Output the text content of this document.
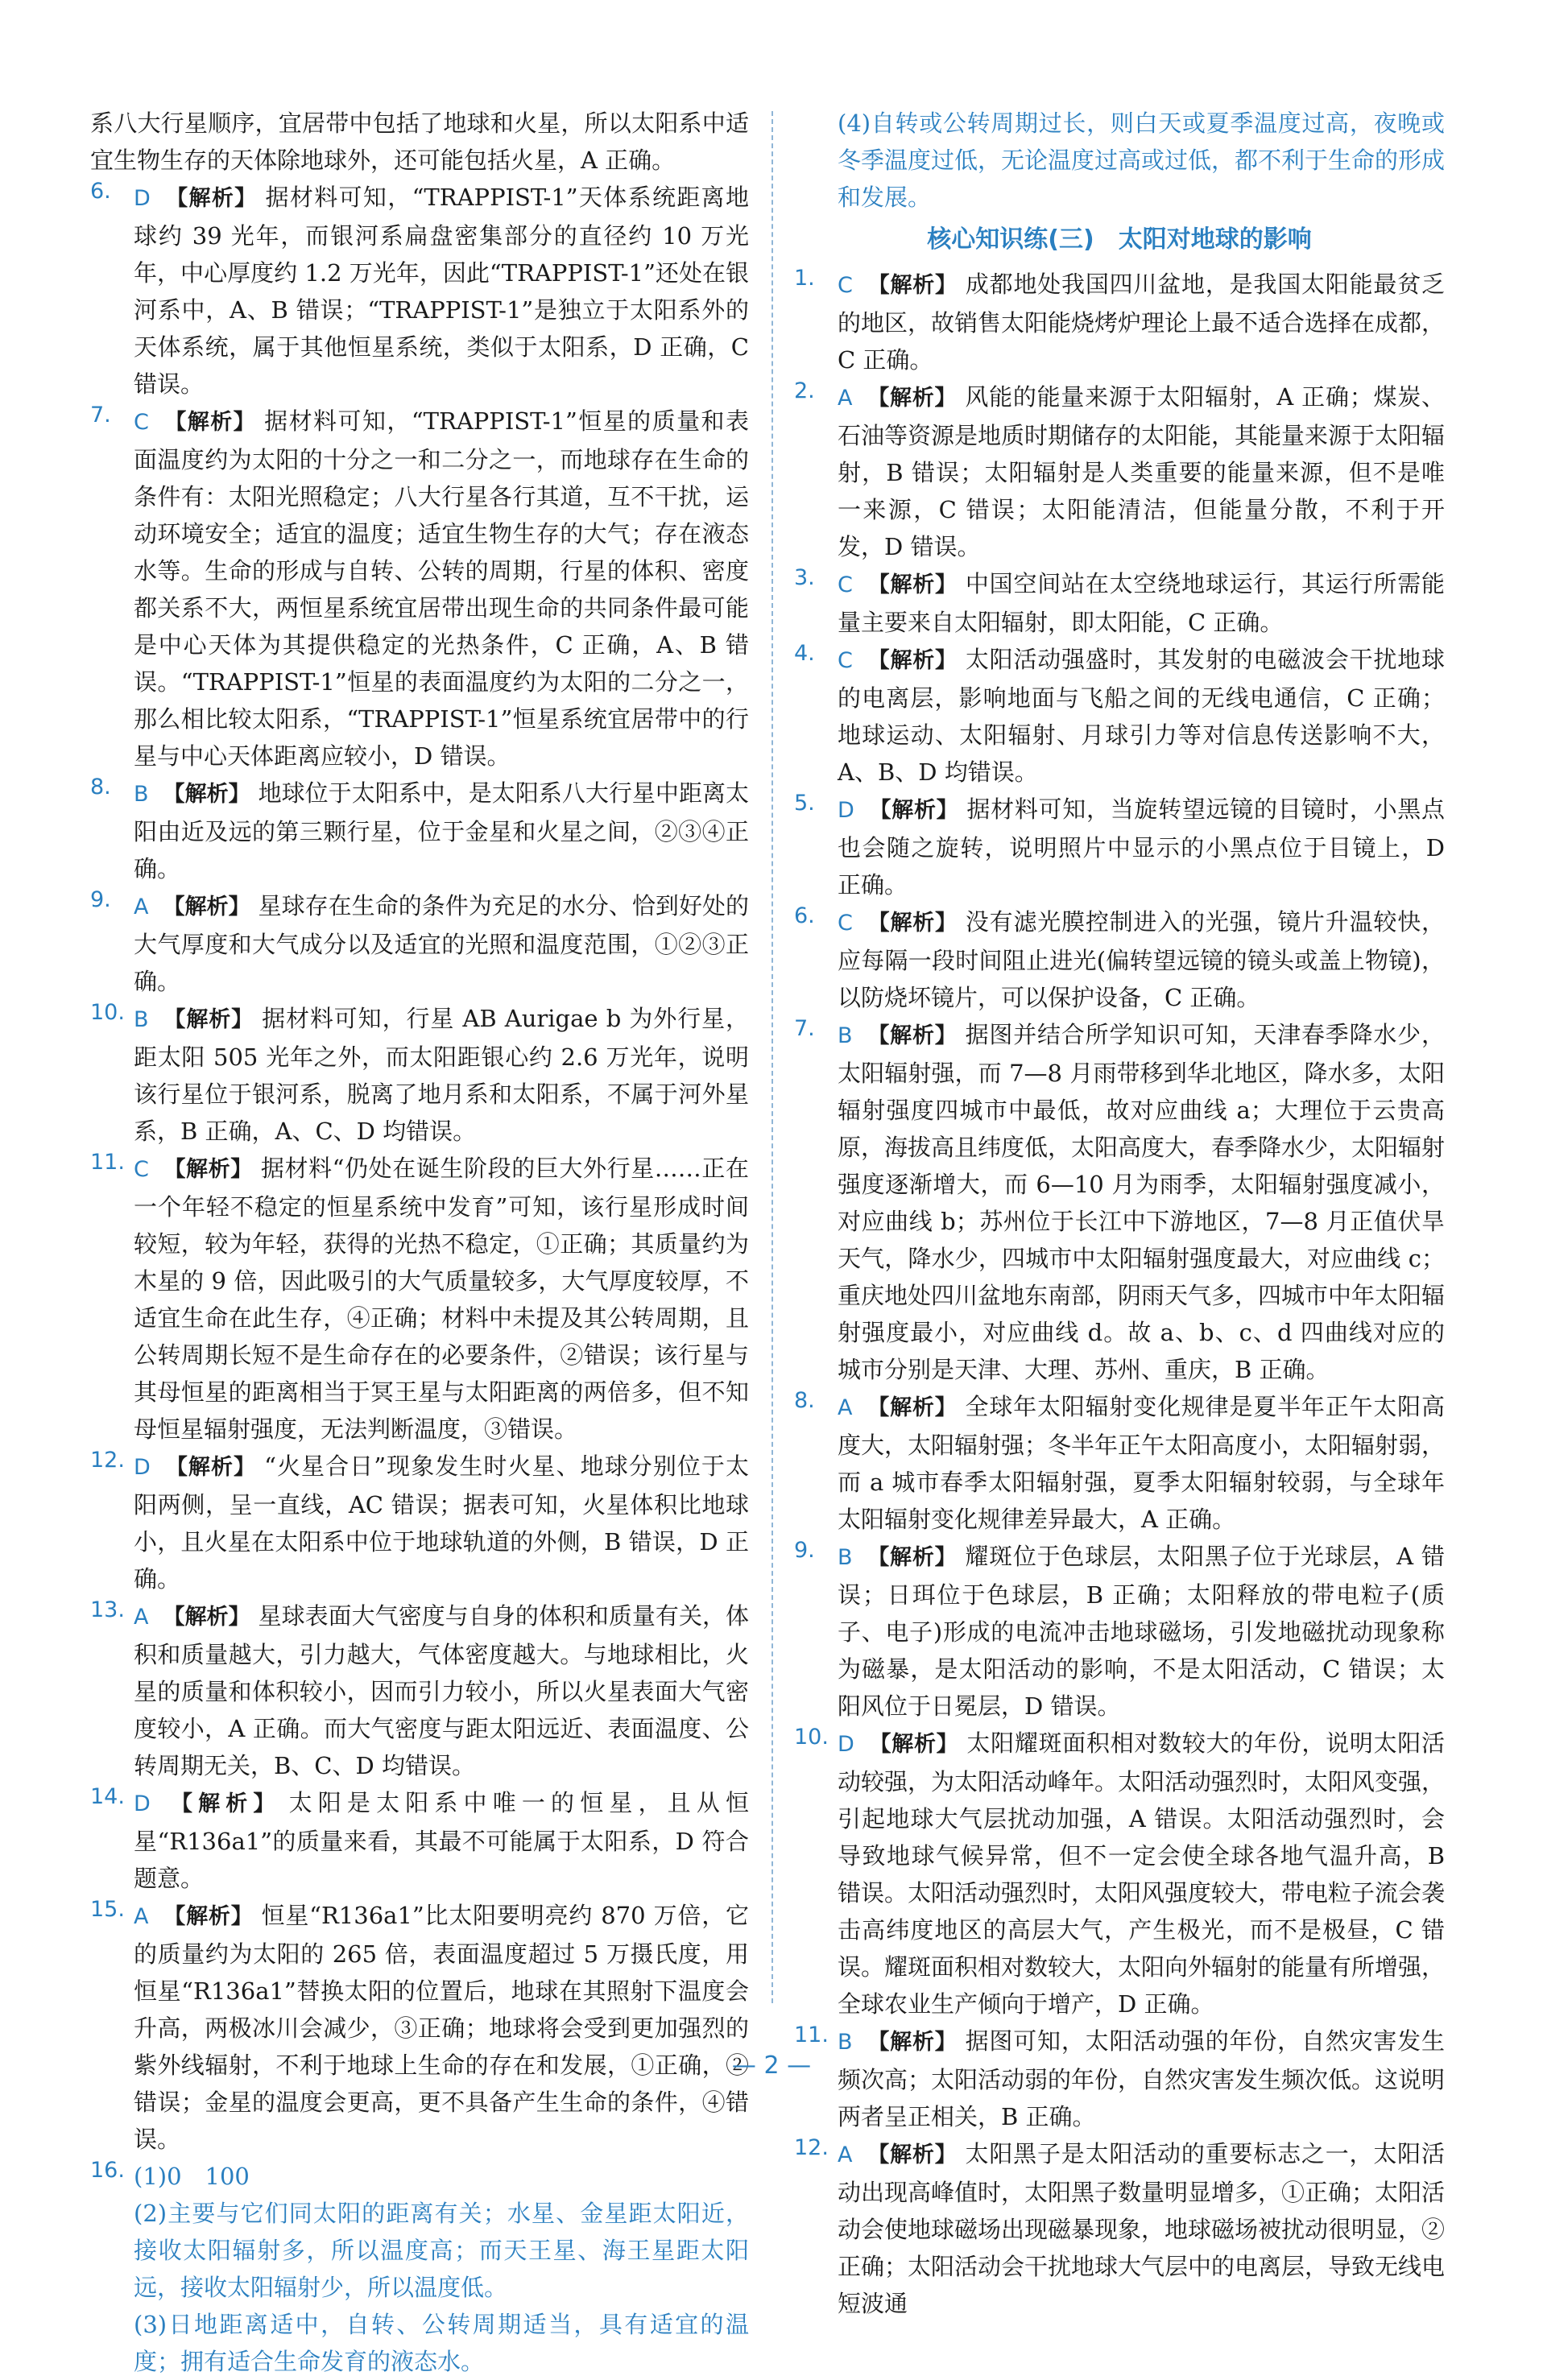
系八大行星顺序，宜居带中包括了地球和火星，所以太阳系中适宜生物生存的天体除地球外，还可能包括火星，A 正确。

6. D 【解析】 据材料可知，“TRAPPIST-1”天体系统距离地球约 39 光年，而银河系扁盘密集部分的直径约 10 万光年，中心厚度约 1.2 万光年，因此“TRAPPIST-1”还处在银河系中，A、B 错误；“TRAPPIST-1”是独立于太阳系外的天体系统，属于其他恒星系统，类似于太阳系，D 正确，C 错误。

7. C 【解析】 据材料可知，“TRAPPIST-1”恒星的质量和表面温度约为太阳的十分之一和二分之一，而地球存在生命的条件有：太阳光照稳定；八大行星各行其道，互不干扰，运动环境安全；适宜的温度；适宜生物生存的大气；存在液态水等。生命的形成与自转、公转的周期，行星的体积、密度都关系不大，两恒星系统宜居带出现生命的共同条件最可能是中心天体为其提供稳定的光热条件，C 正确，A、B 错误。“TRAPPIST-1”恒星的表面温度约为太阳的二分之一，那么相比较太阳系，“TRAPPIST-1”恒星系统宜居带中的行星与中心天体距离应较小，D 错误。

8. B 【解析】 地球位于太阳系中，是太阳系八大行星中距离太阳由近及远的第三颗行星，位于金星和火星之间，②③④正确。

9. A 【解析】 星球存在生命的条件为充足的水分、恰到好处的大气厚度和大气成分以及适宜的光照和温度范围，①②③正确。

10. B 【解析】 据材料可知，行星 AB Aurigae b 为外行星，距太阳 505 光年之外，而太阳距银心约 2.6 万光年，说明该行星位于银河系，脱离了地月系和太阳系，不属于河外星系，B 正确，A、C、D 均错误。

11. C 【解析】 据材料“仍处在诞生阶段的巨大外行星……正在一个年轻不稳定的恒星系统中发育”可知，该行星形成时间较短，较为年轻，获得的光热不稳定，①正确；其质量约为木星的 9 倍，因此吸引的大气质量较多，大气厚度较厚，不适宜生命在此生存，④正确；材料中未提及其公转周期，且公转周期长短不是生命存在的必要条件，②错误；该行星与其母恒星的距离相当于冥王星与太阳距离的两倍多，但不知母恒星辐射强度，无法判断温度，③错误。

12. D 【解析】 “火星合日”现象发生时火星、地球分别位于太阳两侧，呈一直线，AC 错误；据表可知，火星体积比地球小，且火星在太阳系中位于地球轨道的外侧，B 错误，D 正确。

13. A 【解析】 星球表面大气密度与自身的体积和质量有关，体积和质量越大，引力越大，气体密度越大。与地球相比，火星的质量和体积较小，因而引力较小，所以火星表面大气密度较小，A 正确。而大气密度与距太阳远近、表面温度、公转周期无关，B、C、D 均错误。

14. D 【解析】 太阳是太阳系中唯一的恒星，且从恒星“R136a1”的质量来看，其最不可能属于太阳系，D 符合题意。

15. A 【解析】 恒星“R136a1”比太阳要明亮约 870 万倍，它的质量约为太阳的 265 倍，表面温度超过 5 万摄氏度，用恒星“R136a1”替换太阳的位置后，地球在其照射下温度会升高，两极冰川会减少，③正确；地球将会受到更加强烈的紫外线辐射，不利于地球上生命的存在和发展，①正确，②错误；金星的温度会更高，更不具备产生生命的条件，④错误。

16. (1)0　100

(2)主要与它们同太阳的距离有关；水星、金星距太阳近，接收太阳辐射多，所以温度高；而天王星、海王星距太阳远，接收太阳辐射少，所以温度低。

(3)日地距离适中，自转、公转周期适当，具有适宜的温度；拥有适合生命发育的液态水。

(4)自转或公转周期过长，则白天或夏季温度过高，夜晚或冬季温度过低，无论温度过高或过低，都不利于生命的形成和发展。

核心知识练(三)　太阳对地球的影响
1. C 【解析】 成都地处我国四川盆地，是我国太阳能最贫乏的地区，故销售太阳能烧烤炉理论上最不适合选择在成都，C 正确。

2. A 【解析】 风能的能量来源于太阳辐射，A 正确；煤炭、石油等资源是地质时期储存的太阳能，其能量来源于太阳辐射，B 错误；太阳辐射是人类重要的能量来源，但不是唯一来源，C 错误；太阳能清洁，但能量分散，不利于开发，D 错误。

3. C 【解析】 中国空间站在太空绕地球运行，其运行所需能量主要来自太阳辐射，即太阳能，C 正确。

4. C 【解析】 太阳活动强盛时，其发射的电磁波会干扰地球的电离层，影响地面与飞船之间的无线电通信，C 正确；地球运动、太阳辐射、月球引力等对信息传送影响不大，A、B、D 均错误。

5. D 【解析】 据材料可知，当旋转望远镜的目镜时，小黑点也会随之旋转，说明照片中显示的小黑点位于目镜上，D 正确。

6. C 【解析】 没有滤光膜控制进入的光强，镜片升温较快，应每隔一段时间阻止进光(偏转望远镜的镜头或盖上物镜)，以防烧坏镜片，可以保护设备，C 正确。

7. B 【解析】 据图并结合所学知识可知，天津春季降水少，太阳辐射强，而 7—8 月雨带移到华北地区，降水多，太阳辐射强度四城市中最低，故对应曲线 a；大理位于云贵高原，海拔高且纬度低，太阳高度大，春季降水少，太阳辐射强度逐渐增大，而 6—10 月为雨季，太阳辐射强度减小，对应曲线 b；苏州位于长江中下游地区，7—8 月正值伏旱天气，降水少，四城市中太阳辐射强度最大，对应曲线 c；重庆地处四川盆地东南部，阴雨天气多，四城市中年太阳辐射强度最小，对应曲线 d。故 a、b、c、d 四曲线对应的城市分别是天津、大理、苏州、重庆，B 正确。

8. A 【解析】 全球年太阳辐射变化规律是夏半年正午太阳高度大，太阳辐射强；冬半年正午太阳高度小，太阳辐射弱，而 a 城市春季太阳辐射强，夏季太阳辐射较弱，与全球年太阳辐射变化规律差异最大，A 正确。

9. B 【解析】 耀斑位于色球层，太阳黑子位于光球层，A 错误；日珥位于色球层，B 正确；太阳释放的带电粒子(质子、电子)形成的电流冲击地球磁场，引发地磁扰动现象称为磁暴，是太阳活动的影响，不是太阳活动，C 错误；太阳风位于日冕层，D 错误。

10. D 【解析】 太阳耀斑面积相对数较大的年份，说明太阳活动较强，为太阳活动峰年。太阳活动强烈时，太阳风变强，引起地球大气层扰动加强，A 错误。太阳活动强烈时，会导致地球气候异常，但不一定会使全球各地气温升高，B 错误。太阳活动强烈时，太阳风强度较大，带电粒子流会袭击高纬度地区的高层大气，产生极光，而不是极昼，C 错误。耀斑面积相对数较大，太阳向外辐射的能量有所增强，全球农业生产倾向于增产，D 正确。

11. B 【解析】 据图可知，太阳活动强的年份，自然灾害发生频次高；太阳活动弱的年份，自然灾害发生频次低。这说明两者呈正相关，B 正确。

12. A 【解析】 太阳黑子是太阳活动的重要标志之一，太阳活动出现高峰值时，太阳黑子数量明显增多，①正确；太阳活动会使地球磁场出现磁暴现象，地球磁场被扰动很明显，②正确；太阳活动会干扰地球大气层中的电离层，导致无线电短波通

— 2 —
